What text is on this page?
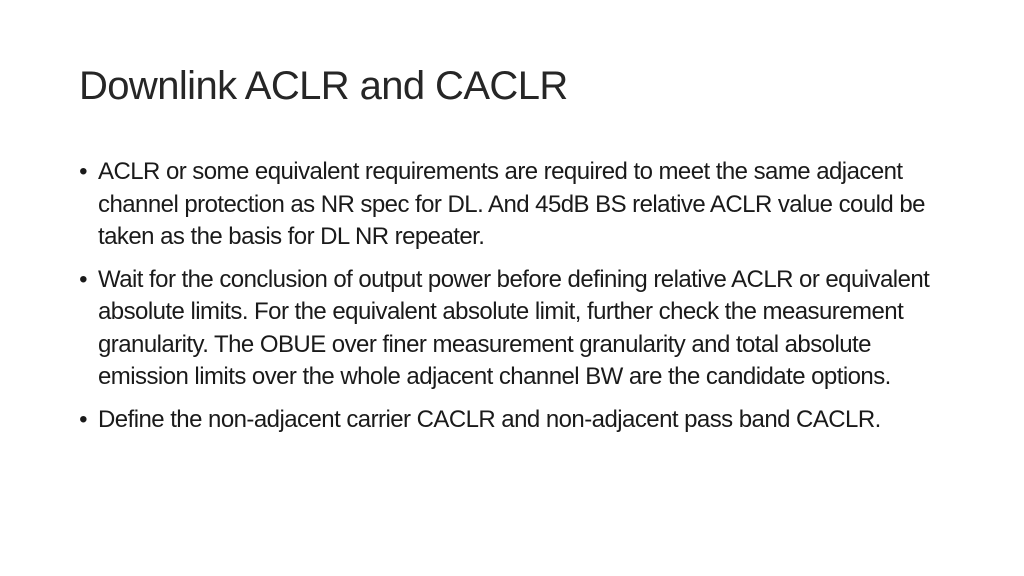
Downlink ACLR and CACLR
• ACLR or some equivalent requirements are required to meet the same adjacent channel protection as NR spec for DL. And 45dB BS relative ACLR value could be taken as the basis for DL NR repeater.
• Wait for the conclusion of output power before defining relative ACLR or equivalent absolute limits. For the equivalent absolute limit, further check the measurement granularity. The OBUE over finer measurement granularity and total absolute emission limits over the whole adjacent channel BW are the candidate options.
• Define the non-adjacent carrier CACLR and non-adjacent pass band CACLR.
